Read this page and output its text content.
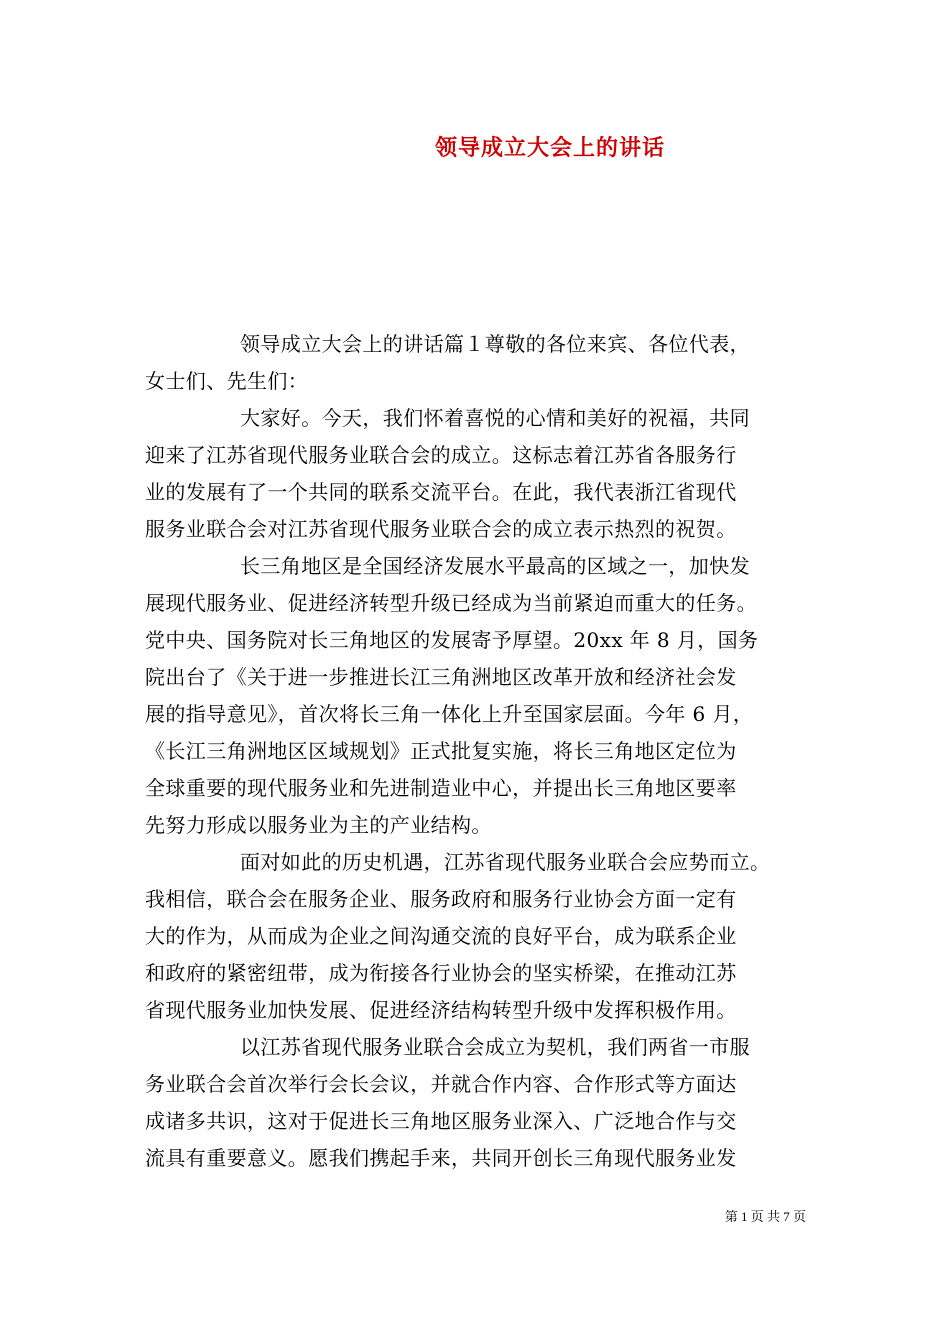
领导成立大会上的讲话
领导成立大会上的讲话篇１尊敬的各位来宾、各位代表，
女士们、先生们：
大家好。今天，我们怀着喜悦的心情和美好的祝福，共同
迎来了江苏省现代服务业联合会的成立。这标志着江苏省各服务行
业的发展有了一个共同的联系交流平台。在此，我代表浙江省现代
服务业联合会对江苏省现代服务业联合会的成立表示热烈的祝贺。
长三角地区是全国经济发展水平最高的区域之一，加快发
展现代服务业、促进经济转型升级已经成为当前紧迫而重大的任务。
党中央、国务院对长三角地区的发展寄予厚望。20xx 年 8 月，国务
院出台了《关于进一步推进长江三角洲地区改革开放和经济社会发
展的指导意见》，首次将长三角一体化上升至国家层面。今年 6 月，
《长江三角洲地区区域规划》正式批复实施，将长三角地区定位为
全球重要的现代服务业和先进制造业中心，并提出长三角地区要率
先努力形成以服务业为主的产业结构。
面对如此的历史机遇，江苏省现代服务业联合会应势而立。
我相信，联合会在服务企业、服务政府和服务行业协会方面一定有
大的作为，从而成为企业之间沟通交流的良好平台，成为联系企业
和政府的紧密纽带，成为衔接各行业协会的坚实桥梁，在推动江苏
省现代服务业加快发展、促进经济结构转型升级中发挥积极作用。
以江苏省现代服务业联合会成立为契机，我们两省一市服
务业联合会首次举行会长会议，并就合作内容、合作形式等方面达
成诸多共识，这对于促进长三角地区服务业深入、广泛地合作与交
流具有重要意义。愿我们携起手来，共同开创长三角现代服务业发
第 1 页 共 7 页
